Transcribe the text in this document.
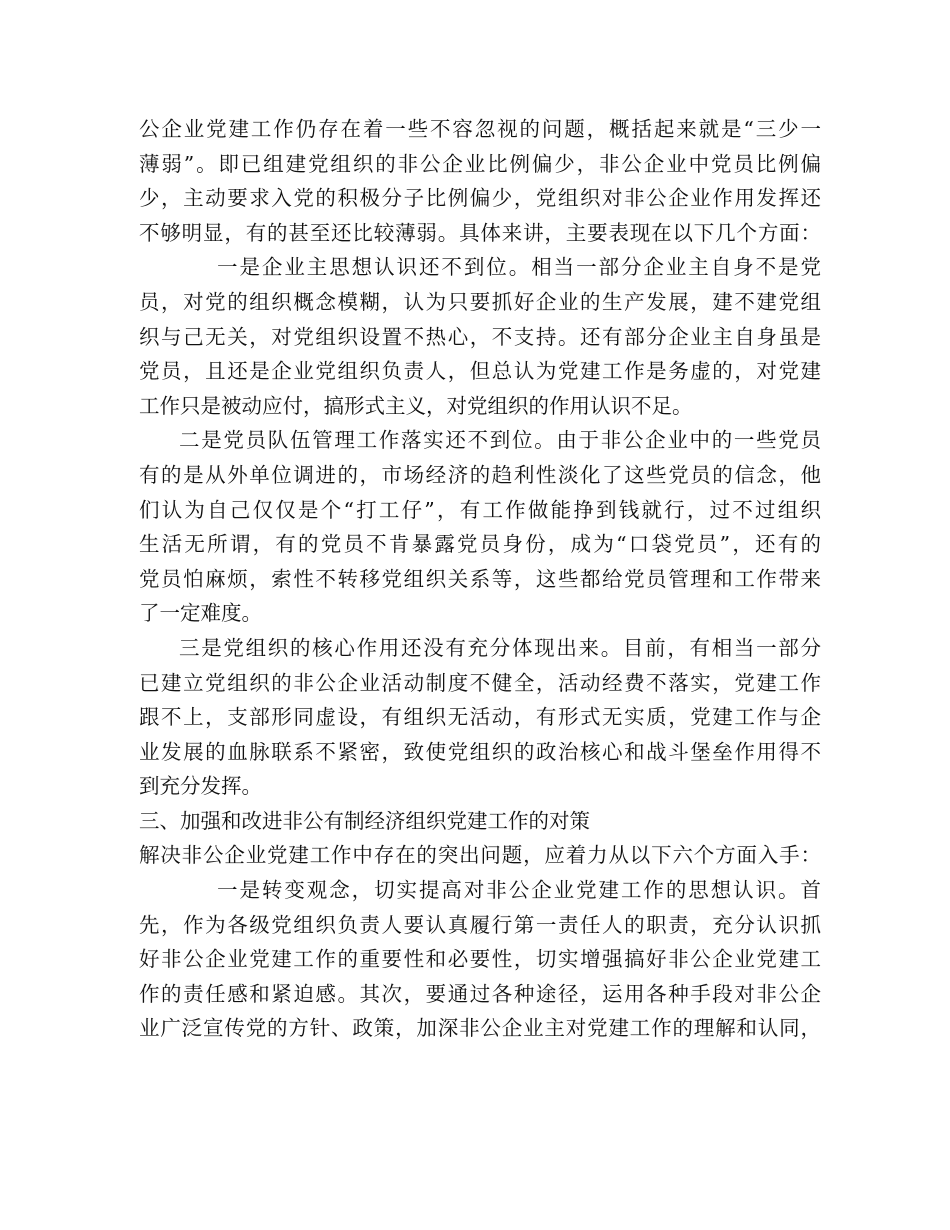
公企业党建工作仍存在着一些不容忽视的问题，概括起来就是“三少一
薄弱”。即已组建党组织的非公企业比例偏少，非公企业中党员比例偏
少，主动要求入党的积极分子比例偏少，党组织对非公企业作用发挥还
不够明显，有的甚至还比较薄弱。具体来讲，主要表现在以下几个方面：
一是企业主思想认识还不到位。相当一部分企业主自身不是党
员，对党的组织概念模糊，认为只要抓好企业的生产发展，建不建党组
织与己无关，对党组织设置不热心，不支持。还有部分企业主自身虽是
党员，且还是企业党组织负责人，但总认为党建工作是务虚的，对党建
工作只是被动应付，搞形式主义，对党组织的作用认识不足。
二是党员队伍管理工作落实还不到位。由于非公企业中的一些党员
有的是从外单位调进的，市场经济的趋利性淡化了这些党员的信念，他
们认为自己仅仅是个“打工仔”，有工作做能挣到钱就行，过不过组织
生活无所谓，有的党员不肯暴露党员身份，成为“口袋党员”，还有的
党员怕麻烦，索性不转移党组织关系等，这些都给党员管理和工作带来
了一定难度。
三是党组织的核心作用还没有充分体现出来。目前，有相当一部分
已建立党组织的非公企业活动制度不健全，活动经费不落实，党建工作
跟不上，支部形同虚设，有组织无活动，有形式无实质，党建工作与企
业发展的血脉联系不紧密，致使党组织的政治核心和战斗堡垒作用得不
到充分发挥。
三、加强和改进非公有制经济组织党建工作的对策
解决非公企业党建工作中存在的突出问题，应着力从以下六个方面入手：
一是转变观念，切实提高对非公企业党建工作的思想认识。首
先，作为各级党组织负责人要认真履行第一责任人的职责，充分认识抓
好非公企业党建工作的重要性和必要性，切实增强搞好非公企业党建工
作的责任感和紧迫感。其次，要通过各种途径，运用各种手段对非公企
业广泛宣传党的方针、政策，加深非公企业主对党建工作的理解和认同，
